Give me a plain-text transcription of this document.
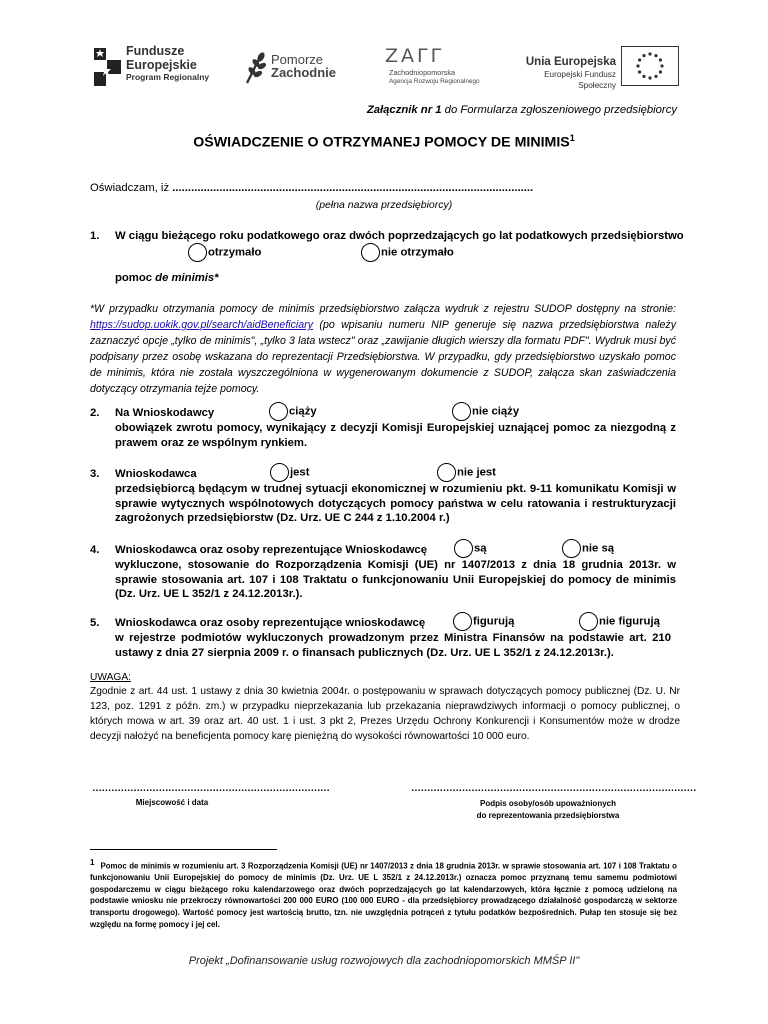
Fundusze
Europejskie
Program Regionalny
Pomorze
Zachodnie
ZAΓΓ
Zachodniopomorska
Agencja Rozwoju Regionalnego
Unia Europejska
Europejski Fundusz Społeczny
Załącznik nr 1 do Formularza zgłoszeniowego przedsiębiorcy
OŚWIADCZENIE O OTRZYMANEJ POMOCY DE MINIMIS$^1$
Oświadczam, iż ...................................................................................................................
(pełna nazwa przedsiębiorcy)
1. W ciągu bieżącego roku podatkowego oraz dwóch poprzedzających go lat podatkowych przedsiębiorstwo
otrzymało	nie otrzymało
pomoc de minimis*
*W przypadku otrzymania pomocy de minimis przedsiębiorstwo załącza wydruk z rejestru SUDOP dostępny na stronie: https://sudop.uokik.gov.pl/search/aidBeneficiary (po wpisaniu numeru NIP generuje się nazwa przedsiębiorstwa należy zaznaczyć opcje „tylko de minimis", „tylko 3 lata wstecz" oraz „zawijanie długich wierszy dla formatu PDF". Wydruk musi być podpisany przez osobę wskazana do reprezentacji Przedsiębiorstwa. W przypadku, gdy przedsiębiorstwo uzyskało pomoc de minimis, która nie została wyszczególniona w wygenerowanym dokumencie z SUDOP, załącza skan zaświadczenia dotyczący otrzymania tejże pomocy.
2. Na Wnioskodawcy
obowiązek zwrotu pomocy, wynikający z decyzji Komisji Europejskiej uznającej pomoc za niezgodną z prawem oraz ze wspólnym rynkiem.
ciąży	nie ciąży
3. Wnioskodawca
przedsiębiorcą będącym w trudnej sytuacji ekonomicznej w rozumieniu pkt. 9-11 komunikatu Komisji w sprawie wytycznych wspólnotowych dotyczących pomocy państwa w celu ratowania i restrukturyzacji zagrożonych przedsiębiorstw (Dz. Urz. UE C 244 z 1.10.2004 r.)
jest	nie jest
4. Wnioskodawca oraz osoby reprezentujące Wnioskodawcę
wykluczone, stosowanie do Rozporządzenia Komisji (UE) nr 1407/2013 z dnia 18 grudnia 2013r. w sprawie stosowania art. 107 i 108 Traktatu o funkcjonowaniu Unii Europejskiej do pomocy de minimis (Dz. Urz. UE L 352/1 z 24.12.2013r.).
są	nie są
5. Wnioskodawca oraz osoby reprezentujące wnioskodawcę
w rejestrze podmiotów wykluczonych prowadzonym przez Ministra Finansów na podstawie art. 210 ustawy z dnia 27 sierpnia 2009 r. o finansach publicznych (Dz. Urz. UE L 352/1 z 24.12.2013r.).
figurują	nie figurują
UWAGA:
Zgodnie z art. 44 ust. 1 ustawy z dnia 30 kwietnia 2004r. o postępowaniu w sprawach dotyczących pomocy publicznej (Dz. U. Nr 123, poz. 1291 z późn. zm.) w przypadku nieprzekazania lub przekazania nieprawdziwych informacji o pomocy publicznej, o których mowa w art. 39 oraz art. 40 ust. 1 i ust. 3 pkt 2, Prezes Urzędu Ochrony Konkurencji i Konsumentów może w drodze decyzji nałożyć na beneficjenta pomocy karę pieniężną do wysokości równowartości 10 000 euro.
…………………………………………………………………
Miejscowość i data
………………………………………………………………………………
Podpis osoby/osób upoważnionych
do reprezentowania przedsiębiorstwa
$^1$ Pomoc de minimis w rozumieniu art. 3 Rozporządzenia Komisji (UE) nr 1407/2013 z dnia 18 grudnia 2013r. w sprawie stosowania art. 107 i 108 Traktatu o funkcjonowaniu Unii Europejskiej do pomocy de minimis (Dz. Urz. UE L 352/1 z 24.12.2013r.) oznacza pomoc przyznaną temu samemu podmiotowi gospodarczemu w ciągu bieżącego roku kalendarzowego oraz dwóch poprzedzających go lat kalendarzowych, która łącznie z pomocą udzieloną na podstawie wniosku nie przekroczy równowartości 200 000 EURO (100 000 EURO - dla przedsiębiorcy prowadzącego działalność gospodarczą w sektorze transportu drogowego). Wartość pomocy jest wartością brutto, tzn. nie uwzględnia potrąceń z tytułu podatków bezpośrednich. Pułap ten stosuje się bez względu na formę pomocy i jej cel.
Projekt „Dofinansowanie usług rozwojowych dla zachodniopomorskich MMŚP II"
